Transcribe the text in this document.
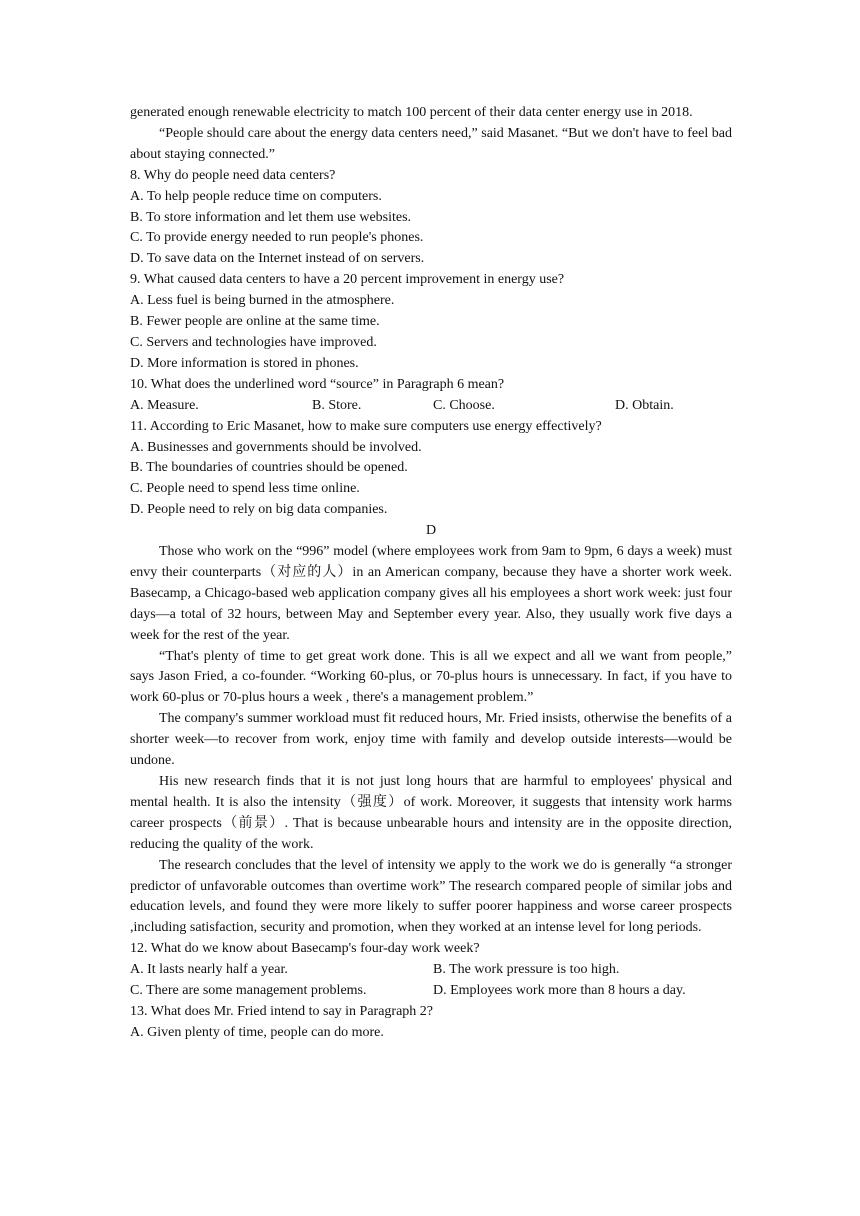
generated enough renewable electricity to match 100 percent of their data center energy use in 2018.

“People should care about the energy data centers need,” said Masanet. “But we don't have to feel bad about staying connected.”

8. Why do people need data centers?

A. To help people reduce time on computers.

B. To store information and let them use websites.

C. To provide energy needed to run people's phones.

D. To save data on the Internet instead of on servers.

9. What caused data centers to have a 20 percent improvement in energy use?

A. Less fuel is being burned in the atmosphere.

B. Fewer people are online at the same time.

C. Servers and technologies have improved.

D. More information is stored in phones.

10. What does the underlined word “source” in Paragraph 6 mean?

A. Measure.	B. Store.	C. Choose.	D. Obtain.

11. According to Eric Masanet, how to make sure computers use energy effectively?

A. Businesses and governments should be involved.

B. The boundaries of countries should be opened.

C. People need to spend less time online.

D. People need to rely on big data companies.

D

Those who work on the “996” model (where employees work from 9am to 9pm, 6 days a week) must envy their counterparts（对应的人）in an American company, because they have a shorter work week. Basecamp, a Chicago-based web application company gives all his employees a short work week: just four days—a total of 32 hours, between May and September every year. Also, they usually work five days a week for the rest of the year.

“That's plenty of time to get great work done. This is all we expect and all we want from people,” says Jason Fried, a co-founder. “Working 60-plus, or 70-plus hours is unnecessary. In fact, if you have to work 60-plus or 70-plus hours a week , there's a management problem.”

The company's summer workload must fit reduced hours, Mr. Fried insists, otherwise the benefits of a shorter week—to recover from work, enjoy time with family and develop outside interests—would be undone.

His new research finds that it is not just long hours that are harmful to employees' physical and mental health. It is also the intensity（强度）of work. Moreover, it suggests that intensity work harms career prospects（前景）. That is because unbearable hours and intensity are in the opposite direction, reducing the quality of the work.

The research concludes that the level of intensity we apply to the work we do is generally “a stronger predictor of unfavorable outcomes than overtime work” The research compared people of similar jobs and education levels, and found they were more likely to suffer poorer happiness and worse career prospects ,including satisfaction, security and promotion, when they worked at an intense level for long periods.

12. What do we know about Basecamp's four-day work week?

A. It lasts nearly half a year.	B. The work pressure is too high.
C. There are some management problems.	D. Employees work more than 8 hours a day.

13. What does Mr. Fried intend to say in Paragraph 2?

A. Given plenty of time, people can do more.
